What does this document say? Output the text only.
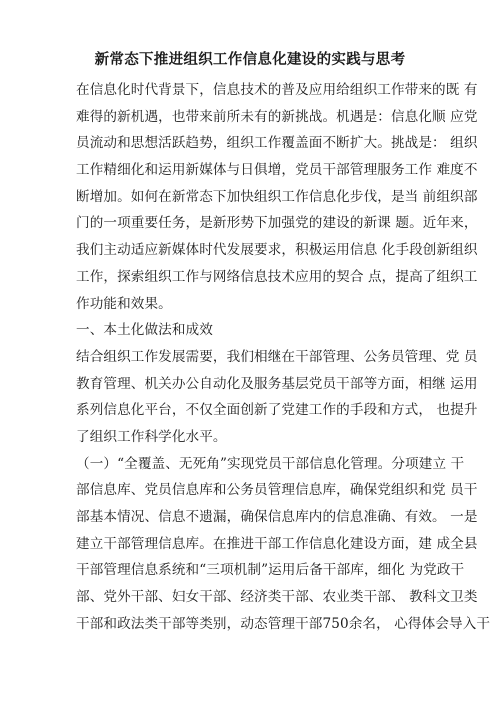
新常态下推进组织工作信息化建设的实践与思考
在信息化时代背景下，信息技术的普及应用给组织工作带来的既 有
难得的新机遇，也带来前所未有的新挑战。机遇是：信息化顺 应党
员流动和思想活跃趋势，组织工作覆盖面不断扩大。挑战是： 组织
工作精细化和运用新媒体与日俱增，党员干部管理服务工作 难度不
断增加。如何在新常态下加快组织工作信息化步伐，是当 前组织部
门的一项重要任务，是新形势下加强党的建设的新课 题。近年来，
我们主动适应新媒体时代发展要求，积极运用信息 化手段创新组织
工作，探索组织工作与网络信息技术应用的契合 点，提高了组织工
作功能和效果。
一、本土化做法和成效
结合组织工作发展需要，我们相继在干部管理、公务员管理、党 员
教育管理、机关办公自动化及服务基层党员干部等方面，相继 运用
系列信息化平台，不仅全面创新了党建工作的手段和方式， 也提升
了组织工作科学化水平。
（一）“全覆盖、无死角”实现党员干部信息化管理。分项建立 干
部信息库、党员信息库和公务员管理信息库，确保党组织和党 员干
部基本情况、信息不遗漏，确保信息库内的信息准确、有效。 一是
建立干部管理信息库。在推进干部工作信息化建设方面，建 成全县
干部管理信息系统和“三项机制”运用后备干部库，细化 为党政干
部、党外干部、妇女干部、经济类干部、农业类干部、 教科文卫类
干部和政法类干部等类别，动态管理干部750余名， 心得体会导入干
